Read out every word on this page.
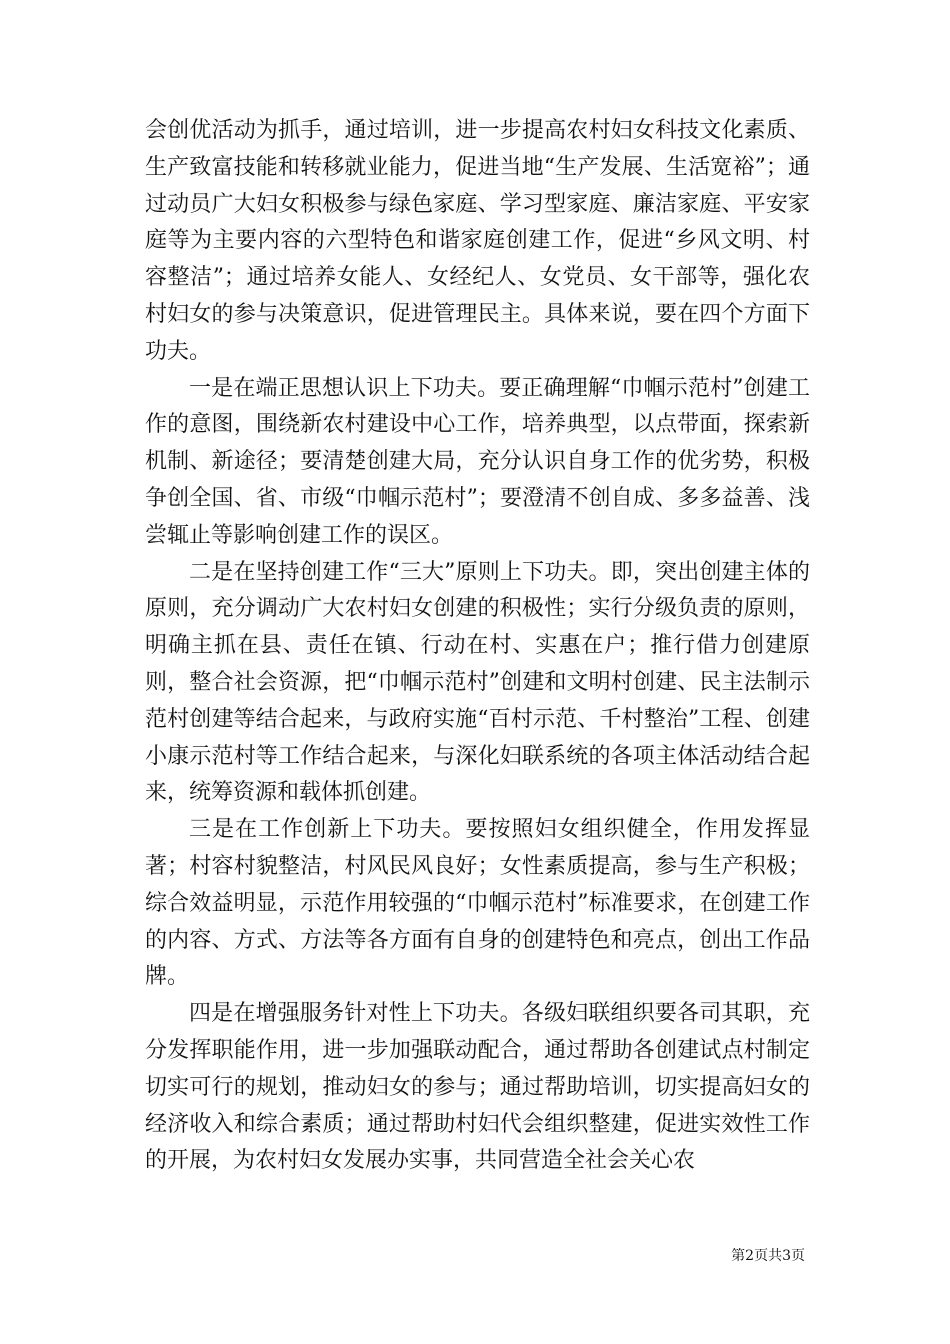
会创优活动为抓手，通过培训，进一步提高农村妇女科技文化素质、生产致富技能和转移就业能力，促进当地“生产发展、生活宽裕”；通过动员广大妇女积极参与绿色家庭、学习型家庭、廉洁家庭、平安家庭等为主要内容的六型特色和谐家庭创建工作，促进“乡风文明、村容整洁”；通过培养女能人、女经纪人、女党员、女干部等，强化农村妇女的参与决策意识，促进管理民主。具体来说，要在四个方面下功夫。

一是在端正思想认识上下功夫。要正确理解“巾帼示范村”创建工作的意图，围绕新农村建设中心工作，培养典型，以点带面，探索新机制、新途径；要清楚创建大局，充分认识自身工作的优劣势，积极争创全国、省、市级“巾帼示范村”；要澄清不创自成、多多益善、浅尝辄止等影响创建工作的误区。

二是在坚持创建工作“三大”原则上下功夫。即，突出创建主体的原则，充分调动广大农村妇女创建的积极性；实行分级负责的原则，明确主抓在县、责任在镇、行动在村、实惠在户；推行借力创建原则，整合社会资源，把“巾帼示范村”创建和文明村创建、民主法制示范村创建等结合起来，与政府实施“百村示范、千村整治”工程、创建小康示范村等工作结合起来，与深化妇联系统的各项主体活动结合起来，统筹资源和载体抓创建。

三是在工作创新上下功夫。要按照妇女组织健全，作用发挥显著；村容村貌整洁，村风民风良好；女性素质提高，参与生产积极；综合效益明显，示范作用较强的“巾帼示范村”标准要求，在创建工作的内容、方式、方法等各方面有自身的创建特色和亮点，创出工作品牌。

四是在增强服务针对性上下功夫。各级妇联组织要各司其职，充分发挥职能作用，进一步加强联动配合，通过帮助各创建试点村制定切实可行的规划，推动妇女的参与；通过帮助培训，切实提高妇女的经济收入和综合素质；通过帮助村妇代会组织整建，促进实效性工作的开展，为农村妇女发展办实事，共同营造全社会关心农

第2页共3页
